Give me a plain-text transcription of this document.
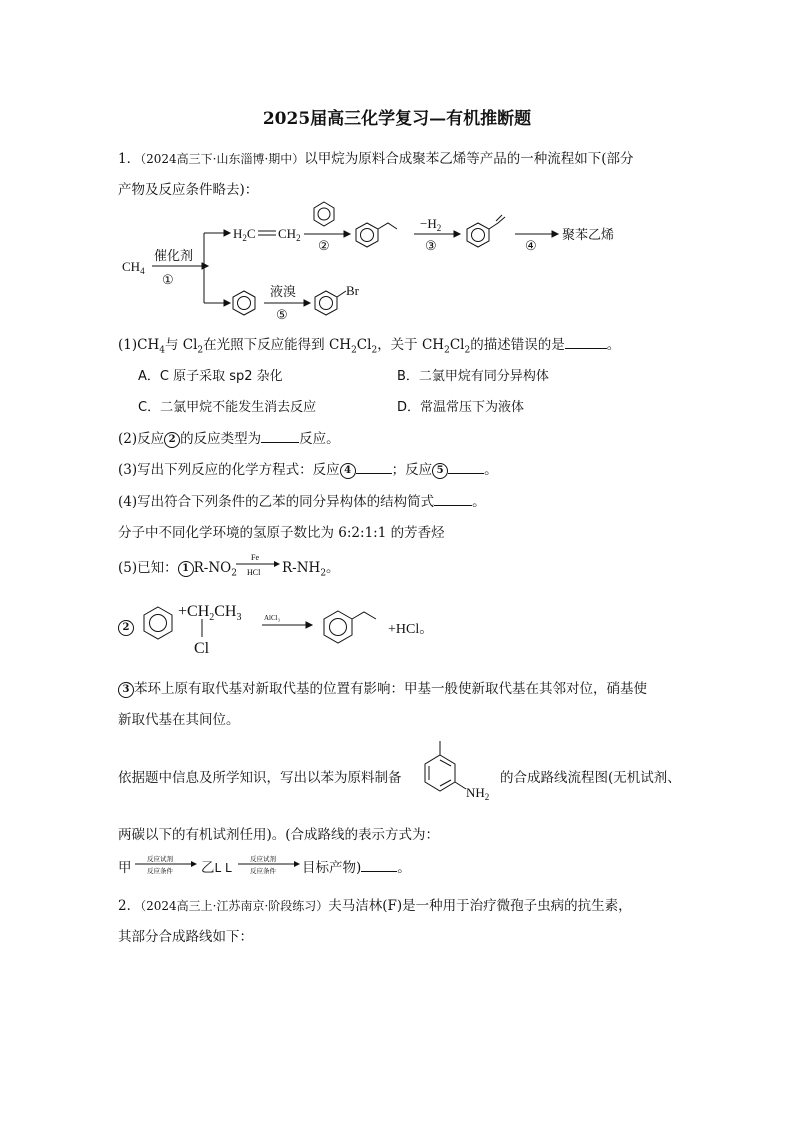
2025届高三化学复习—有机推断题
1．（2024高三下·山东淄博·期中）以甲烷为原料合成聚苯乙烯等产品的一种流程如下(部分
产物及反应条件略去)：
$CH_4$
催化剂
①
$H_2C$ $CH_2$ ②
$-H_2$
③	④
聚苯乙烯
液溴
⑤
Br
$(1)CH_4$与 $Cl_2$在光照下反应能得到 $CH_2Cl_2$，关于 $CH_2Cl_2$的描述错误的是	。
A．C 原子采取 sp2 杂化	B．二氯甲烷有同分异构体
C．二氯甲烷不能发生消去反应	D．常温常压下为液体
(2)反应 2 的反应类型为	反应。
(3)写出下列反应的化学方程式：反应 4	；反应 5	。
(4)写出符合下列条件的乙苯的同分异构体的结构简式	。
分子中不同化学环境的氢原子数比为 6:2:1:1 的芳香烃
(5)已知： 1 $R-NO_2$
Fe
HCl $R-NH_2$。
2
$+CH_2CH_3$
Cl
AlCl₃
+HCl。
3 苯环上原有取代基对新取代基的位置有影响：甲基一般使新取代基在其邻对位，硝基使
新取代基在其间位。
依据题中信息及所学知识，写出以苯为原料制备
$NH_2$
的合成路线流程图(无机试剂、
两碳以下的有机试剂任用)。(合成路线的表示方式为：
甲
反应试剂
反应条件 乙L L
反应试剂
反应条件 目标产物)	。
2．（2024高三上·江苏南京·阶段练习）夫马洁林(F)是一种用于治疗微孢子虫病的抗生素，
其部分合成路线如下：
